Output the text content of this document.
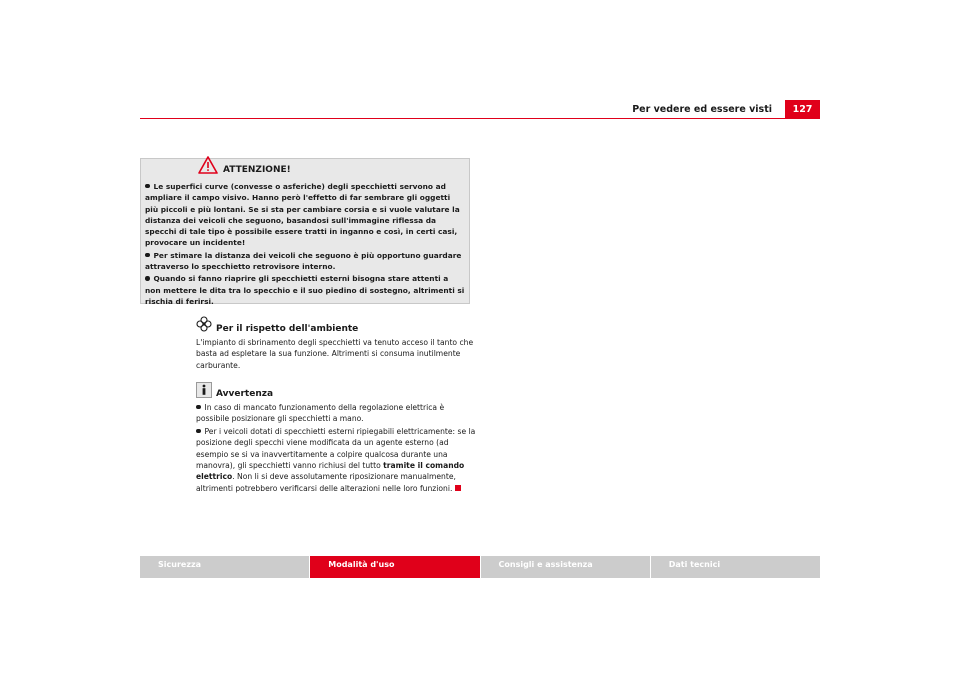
Per vedere ed essere visti	127
ATTENZIONE!

Le superfici curve (convesse o asferiche) degli specchietti servono ad ampliare il campo visivo. Hanno però l'effetto di far sembrare gli oggetti più piccoli e più lontani. Se si sta per cambiare corsia e si vuole valutare la distanza dei veicoli che seguono, basandosi sull'immagine riflessa da specchi di tale tipo è possibile essere tratti in inganno e così, in certi casi, provocare un incidente!

Per stimare la distanza dei veicoli che seguono è più opportuno guardare attraverso lo specchietto retrovisore interno.

Quando si fanno riaprire gli specchietti esterni bisogna stare attenti a non mettere le dita tra lo specchio e il suo piedino di sostegno, altrimenti si rischia di ferirsi.

Per il rispetto dell'ambiente
L'impianto di sbrinamento degli specchietti va tenuto acceso il tanto che basta ad espletare la sua funzione. Altrimenti si consuma inutilmente carburante.
Avvertenza

In caso di mancato funzionamento della regolazione elettrica è possibile posizionare gli specchietti a mano.

Per i veicoli dotati di specchietti esterni ripiegabili elettricamente: se la posizione degli specchi viene modificata da un agente esterno (ad esempio se si va inavvertitamente a colpire qualcosa durante una manovra), gli specchietti vanno richiusi del tutto tramite il comando elettrico. Non li si deve assolutamente riposizionare manualmente, altrimenti potrebbero verificarsi delle alterazioni nelle loro funzioni.

Sicurezza	Modalità d'uso	Consigli e assistenza	Dati tecnici
